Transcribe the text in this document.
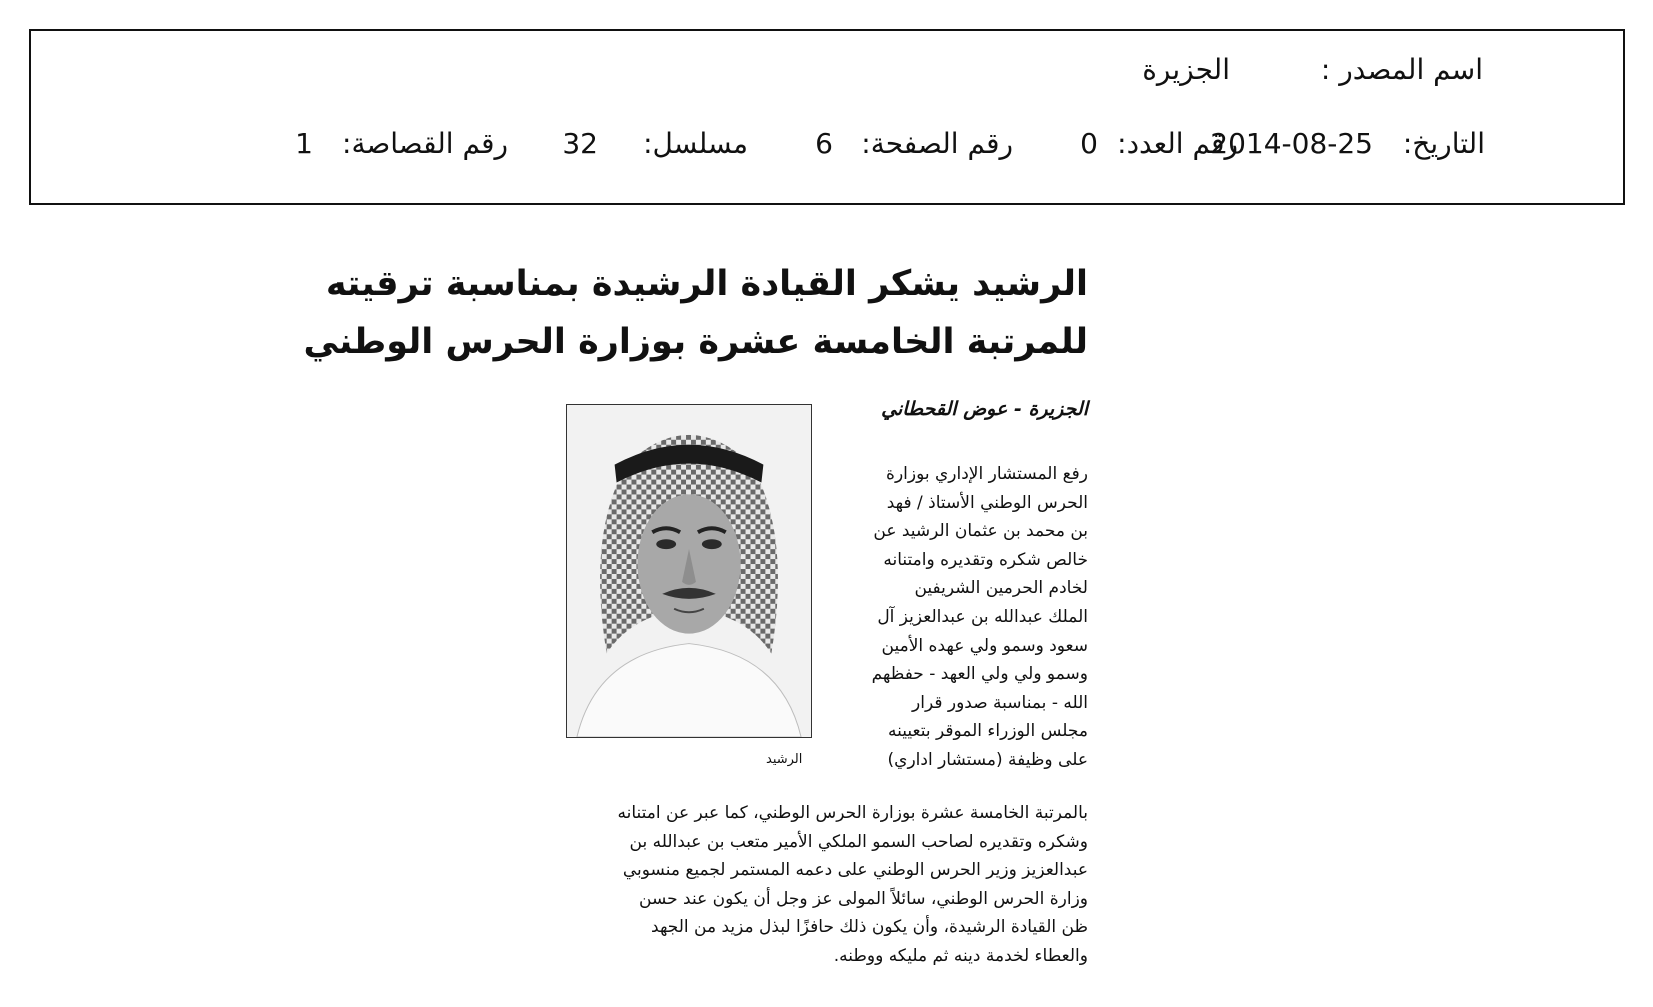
اسم المصدر :
الجزيرة
التاريخ:
2014-08-25
رقم العدد:
0
رقم الصفحة:
6
مسلسل:
32
رقم القصاصة:
1
الرشيد يشكر القيادة الرشيدة بمناسبة ترقيته
للمرتبة الخامسة عشرة بوزارة الحرس الوطني
الجزيرة - عوض القحطاني
الرشيد
رفع المستشار الإداري بوزارة
الحرس الوطني الأستاذ / فهد
بن محمد بن عثمان الرشيد عن
خالص شكره وتقديره وامتنانه
لخادم الحرمين الشريفين
الملك عبدالله بن عبدالعزيز آل
سعود وسمو ولي عهده الأمين
وسمو ولي ولي العهد - حفظهم
الله - بمناسبة صدور قرار
مجلس الوزراء الموقر بتعيينه
على وظيفة (مستشار اداري)
بالمرتبة الخامسة عشرة بوزارة الحرس الوطني، كما عبر عن امتنانه
وشكره وتقديره لصاحب السمو الملكي الأمير متعب بن عبدالله بن
عبدالعزيز وزير الحرس الوطني على دعمه المستمر لجميع منسوبي
وزارة الحرس الوطني، سائلاً المولى عز وجل أن يكون عند حسن
ظن القيادة الرشيدة، وأن يكون ذلك حافزًا لبذل مزيد من الجهد
والعطاء لخدمة دينه ثم مليكه ووطنه.
